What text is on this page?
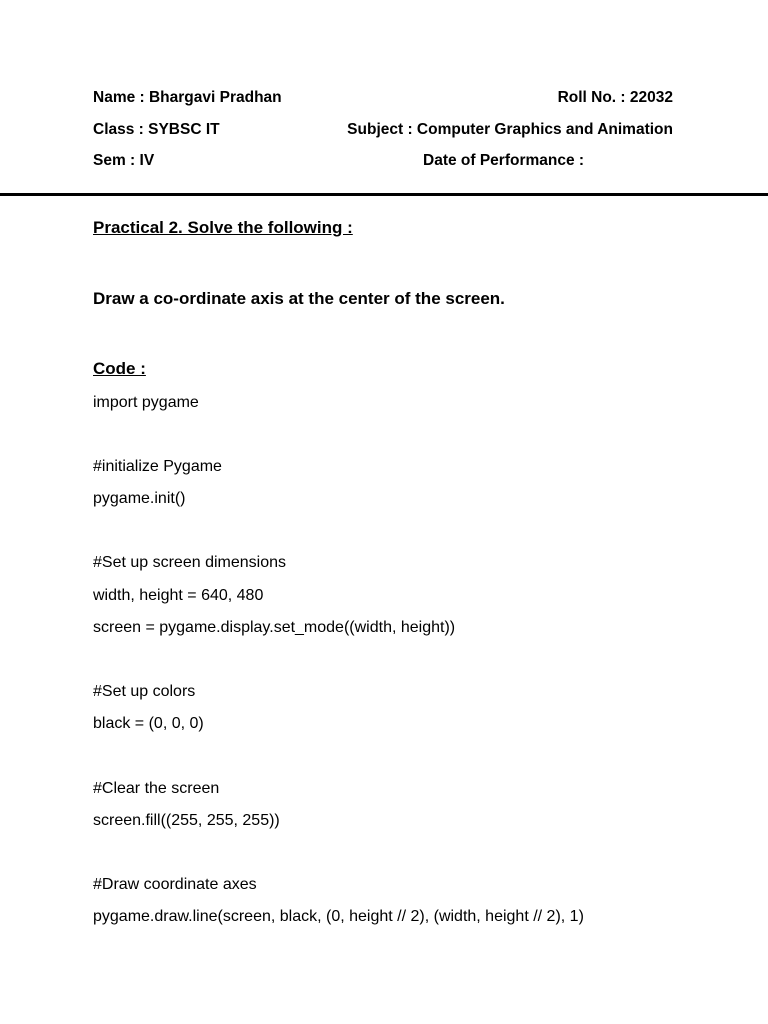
Name : Bhargavi Pradhan	Roll No. : 22032
Class : SYBSC IT	Subject : Computer Graphics and Animation
Sem : IV	Date of Performance :
Practical 2. Solve the following :
Draw a co-ordinate axis at the center of the screen.
Code :
import pygame
#initialize Pygame
pygame.init()
#Set up screen dimensions
width, height = 640, 480
screen = pygame.display.set_mode((width, height))
#Set up colors
black = (0, 0, 0)
#Clear the screen
screen.fill((255, 255, 255))
#Draw coordinate axes
pygame.draw.line(screen, black, (0, height // 2), (width, height // 2), 1)
